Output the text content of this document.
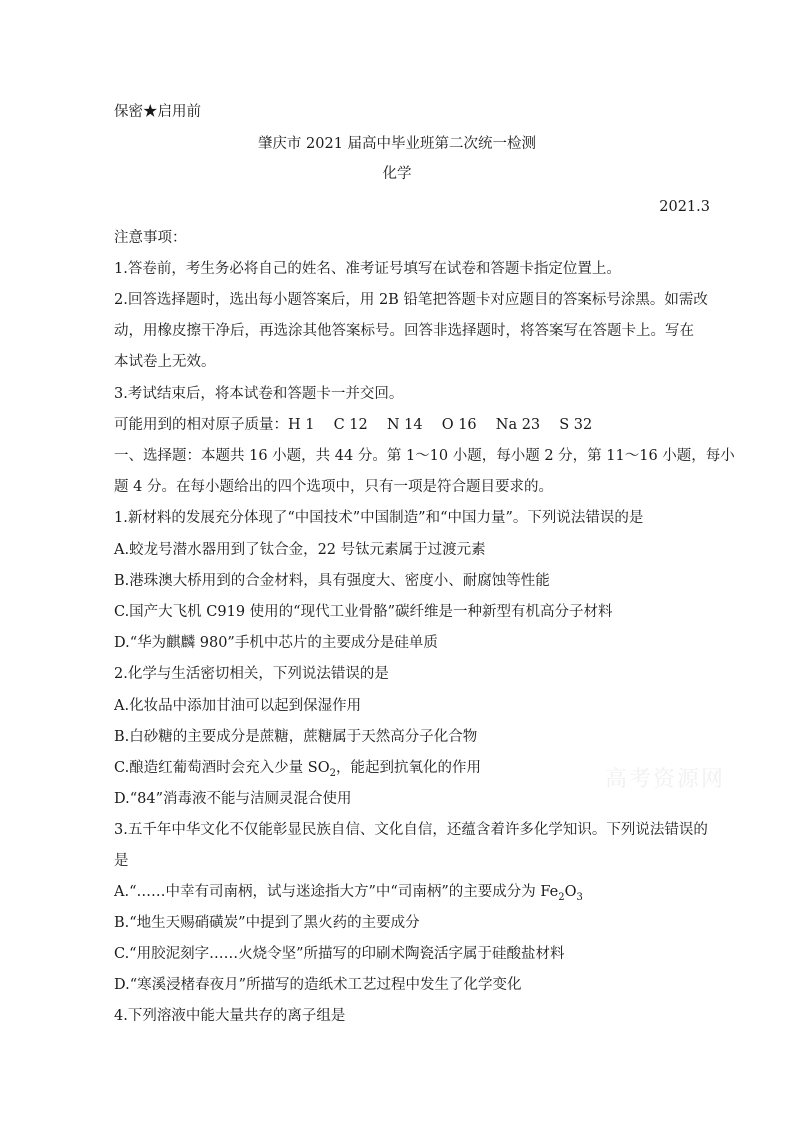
保密★启用前
肇庆市 2021 届高中毕业班第二次统一检测
化学
2021.3
注意事项：
1.答卷前，考生务必将自己的姓名、准考证号填写在试卷和答题卡指定位置上。
2.回答选择题时，选出每小题答案后，用 2B 铅笔把答题卡对应题目的答案标号涂黑。如需改
动，用橡皮擦干净后，再选涂其他答案标号。回答非选择题时，将答案写在答题卡上。写在
本试卷上无效。
3.考试结束后，将本试卷和答题卡一并交回。
可能用到的相对原子质量：H 1　 C 12　 N 14　 O 16　 Na 23　 S 32
一、选择题：本题共 16 小题，共 44 分。第 1～10 小题，每小题 2 分，第 11～16 小题，每小
题 4 分。在每小题给出的四个选项中，只有一项是符合题目要求的。
1.新材料的发展充分体现了“中国技术”中国制造”和“中国力量”。下列说法错误的是
A.蛟龙号潜水器用到了钛合金，22 号钛元素属于过渡元素
B.港珠澳大桥用到的合金材料，具有强度大、密度小、耐腐蚀等性能
C.国产大飞机 C919 使用的“现代工业骨骼”碳纤维是一种新型有机高分子材料
D.“华为麒麟 980”手机中芯片的主要成分是硅单质
2.化学与生活密切相关，下列说法错误的是
A.化妆品中添加甘油可以起到保湿作用
B.白砂糖的主要成分是蔗糖，蔗糖属于天然高分子化合物
C.酿造红葡萄酒时会充入少量 $SO_2$，能起到抗氧化的作用
D.“84”消毒液不能与洁厕灵混合使用
3.五千年中华文化不仅能彰显民族自信、文化自信，还蕴含着许多化学知识。下列说法错误的
是
A.“……中幸有司南柄，试与迷途指大方”中“司南柄”的主要成分为 $Fe_2O_3$
B.“地生天赐硝磺炭”中提到了黑火药的主要成分
C.“用胶泥刻字……火烧令坚”所描写的印刷术陶瓷活字属于硅酸盐材料
D.“寒溪浸楮春夜月”所描写的造纸术工艺过程中发生了化学变化
4.下列溶液中能大量共存的离子组是
高考资源网
